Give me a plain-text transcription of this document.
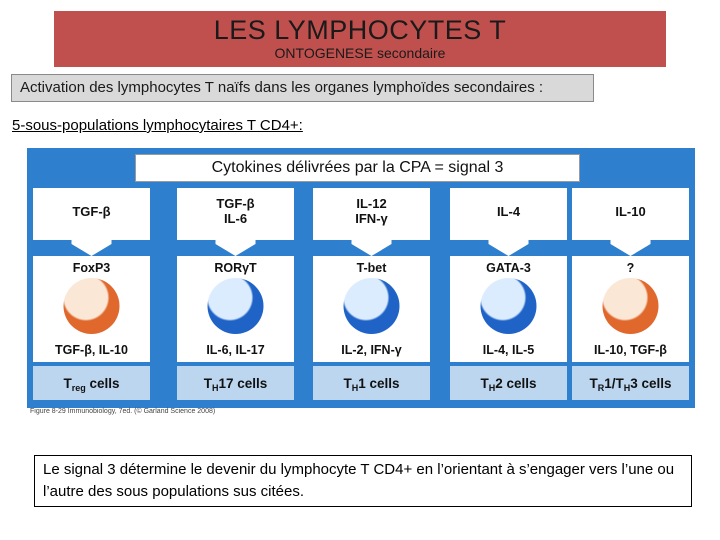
LES LYMPHOCYTES T
ONTOGENESE secondaire
Activation des lymphocytes T naïfs dans les organes lymphoïdes secondaires :
5-sous-populations lymphocytaires T CD4+:
TGF-β
FoxP3
TGF-β, IL-10
$T_{reg}$ cells
TGF-β
IL-6
RORγT
IL-6, IL-17
$T_H17$ cells
IL-12
IFN-γ
T-bet
IL-2, IFN-γ
$T_H1$ cells
IL-4
GATA-3
IL-4, IL-5
$T_H2$ cells
IL-10
?
IL-10, TGF-β
$T_R1/T_H3$ cells
Cytokines délivrées par la CPA = signal 3
Figure 8-29 Immunobiology, 7ed. (© Garland Science 2008)
Le signal 3 détermine le devenir du lymphocyte T CD4+ en l’orientant à s’engager vers l’une ou l’autre des sous populations sus citées.
